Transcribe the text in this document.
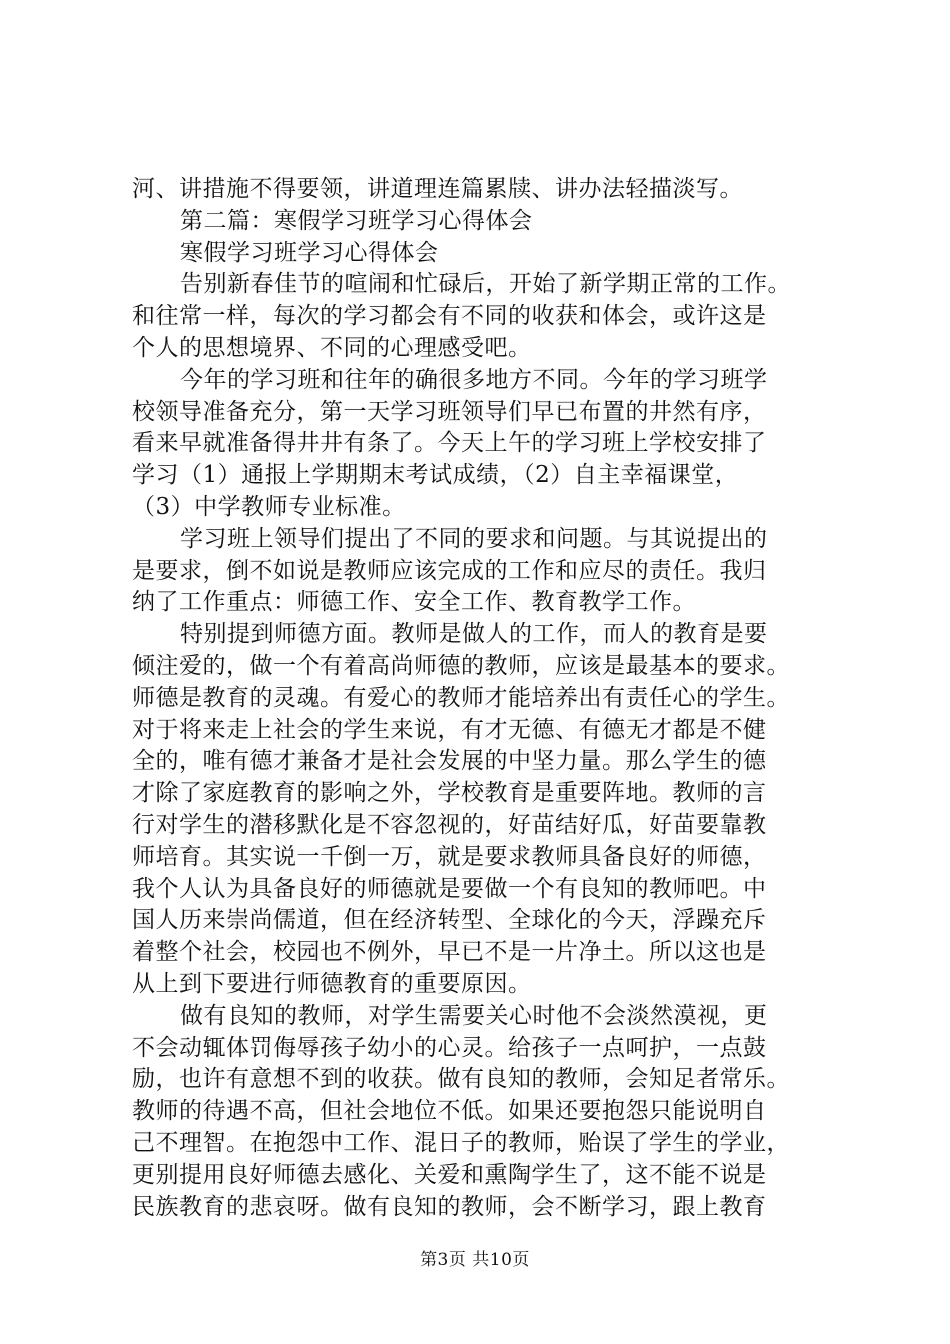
河、讲措施不得要领，讲道理连篇累牍、讲办法轻描淡写。
第二篇：寒假学习班学习心得体会
寒假学习班学习心得体会
告别新春佳节的喧闹和忙碌后，开始了新学期正常的工作。
和往常一样，每次的学习都会有不同的收获和体会，或许这是
个人的思想境界、不同的心理感受吧。
今年的学习班和往年的确很多地方不同。今年的学习班学
校领导准备充分，第一天学习班领导们早已布置的井然有序，
看来早就准备得井井有条了。今天上午的学习班上学校安排了
学习（1）通报上学期期末考试成绩，（2）自主幸福课堂，
（3）中学教师专业标准。
学习班上领导们提出了不同的要求和问题。与其说提出的
是要求，倒不如说是教师应该完成的工作和应尽的责任。我归
纳了工作重点：师德工作、安全工作、教育教学工作。
特别提到师德方面。教师是做人的工作，而人的教育是要
倾注爱的，做一个有着高尚师德的教师，应该是最基本的要求。
师德是教育的灵魂。有爱心的教师才能培养出有责任心的学生。
对于将来走上社会的学生来说，有才无德、有德无才都是不健
全的，唯有德才兼备才是社会发展的中坚力量。那么学生的德
才除了家庭教育的影响之外，学校教育是重要阵地。教师的言
行对学生的潜移默化是不容忽视的，好苗结好瓜，好苗要靠教
师培育。其实说一千倒一万，就是要求教师具备良好的师德，
我个人认为具备良好的师德就是要做一个有良知的教师吧。中
国人历来崇尚儒道，但在经济转型、全球化的今天，浮躁充斥
着整个社会，校园也不例外，早已不是一片净土。所以这也是
从上到下要进行师德教育的重要原因。
做有良知的教师，对学生需要关心时他不会淡然漠视，更
不会动辄体罚侮辱孩子幼小的心灵。给孩子一点呵护，一点鼓
励，也许有意想不到的收获。做有良知的教师，会知足者常乐。
教师的待遇不高，但社会地位不低。如果还要抱怨只能说明自
己不理智。在抱怨中工作、混日子的教师，贻误了学生的学业，
更别提用良好师德去感化、关爱和熏陶学生了，这不能不说是
民族教育的悲哀呀。做有良知的教师，会不断学习，跟上教育
第3页 共10页
